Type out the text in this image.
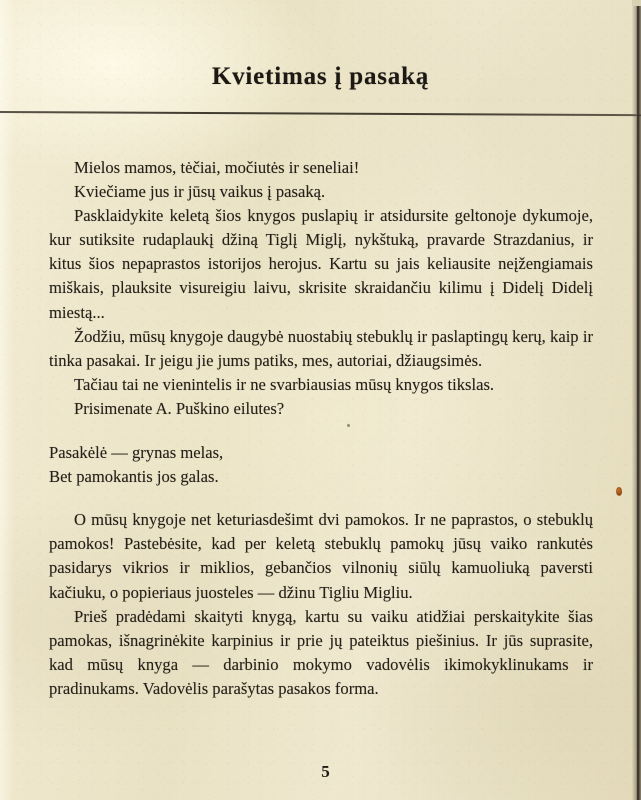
Kvietimas į pasaką

Mielos mamos, tėčiai, močiutės ir seneliai!

Kviečiame jus ir jūsų vaikus į pasaką.

Pasklaidykite keletą šios knygos puslapių ir atsidursite geltonoje dykumoje, kur sutiksite rudaplaukį džiną Tiglį Miglį, nykštuką, pravarde Strazdanius, ir kitus šios nepaprastos istorijos herojus. Kartu su jais keliausite neįžengiamais miškais, plauksite visureigiu laivu, skrisite skraidančiu kilimu į Didelį Didelį miestą...

Žodžiu, mūsų knygoje daugybė nuostabių stebuklų ir paslaptingų kerų, kaip ir tinka pasakai. Ir jeigu jie jums patiks, mes, autoriai, džiaugsimės.

Tačiau tai ne vienintelis ir ne svarbiausias mūsų knygos tikslas.

Prisimenate A. Puškino eilutes?

Pasakėlė — grynas melas,
Bet pamokantis jos galas.

O mūsų knygoje net keturiasdešimt dvi pamokos. Ir ne paprastos, o stebuklų pamokos! Pastebėsite, kad per keletą stebuklų pamokų jūsų vaiko rankutės pasidarys vikrios ir miklios, gebančios vilnonių siūlų kamuoliuką paversti kačiuku, o popieriaus juosteles — džinu Tigliu Migliu.

Prieš pradėdami skaityti knygą, kartu su vaiku atidžiai perskaitykite šias pamokas, išnagrinėkite karpinius ir prie jų pateiktus piešinius. Ir jūs suprasite, kad mūsų knyga — darbinio mokymo vadovėlis ikimokyklinukams ir pradinukams. Vadovėlis parašytas pasakos forma.

5
